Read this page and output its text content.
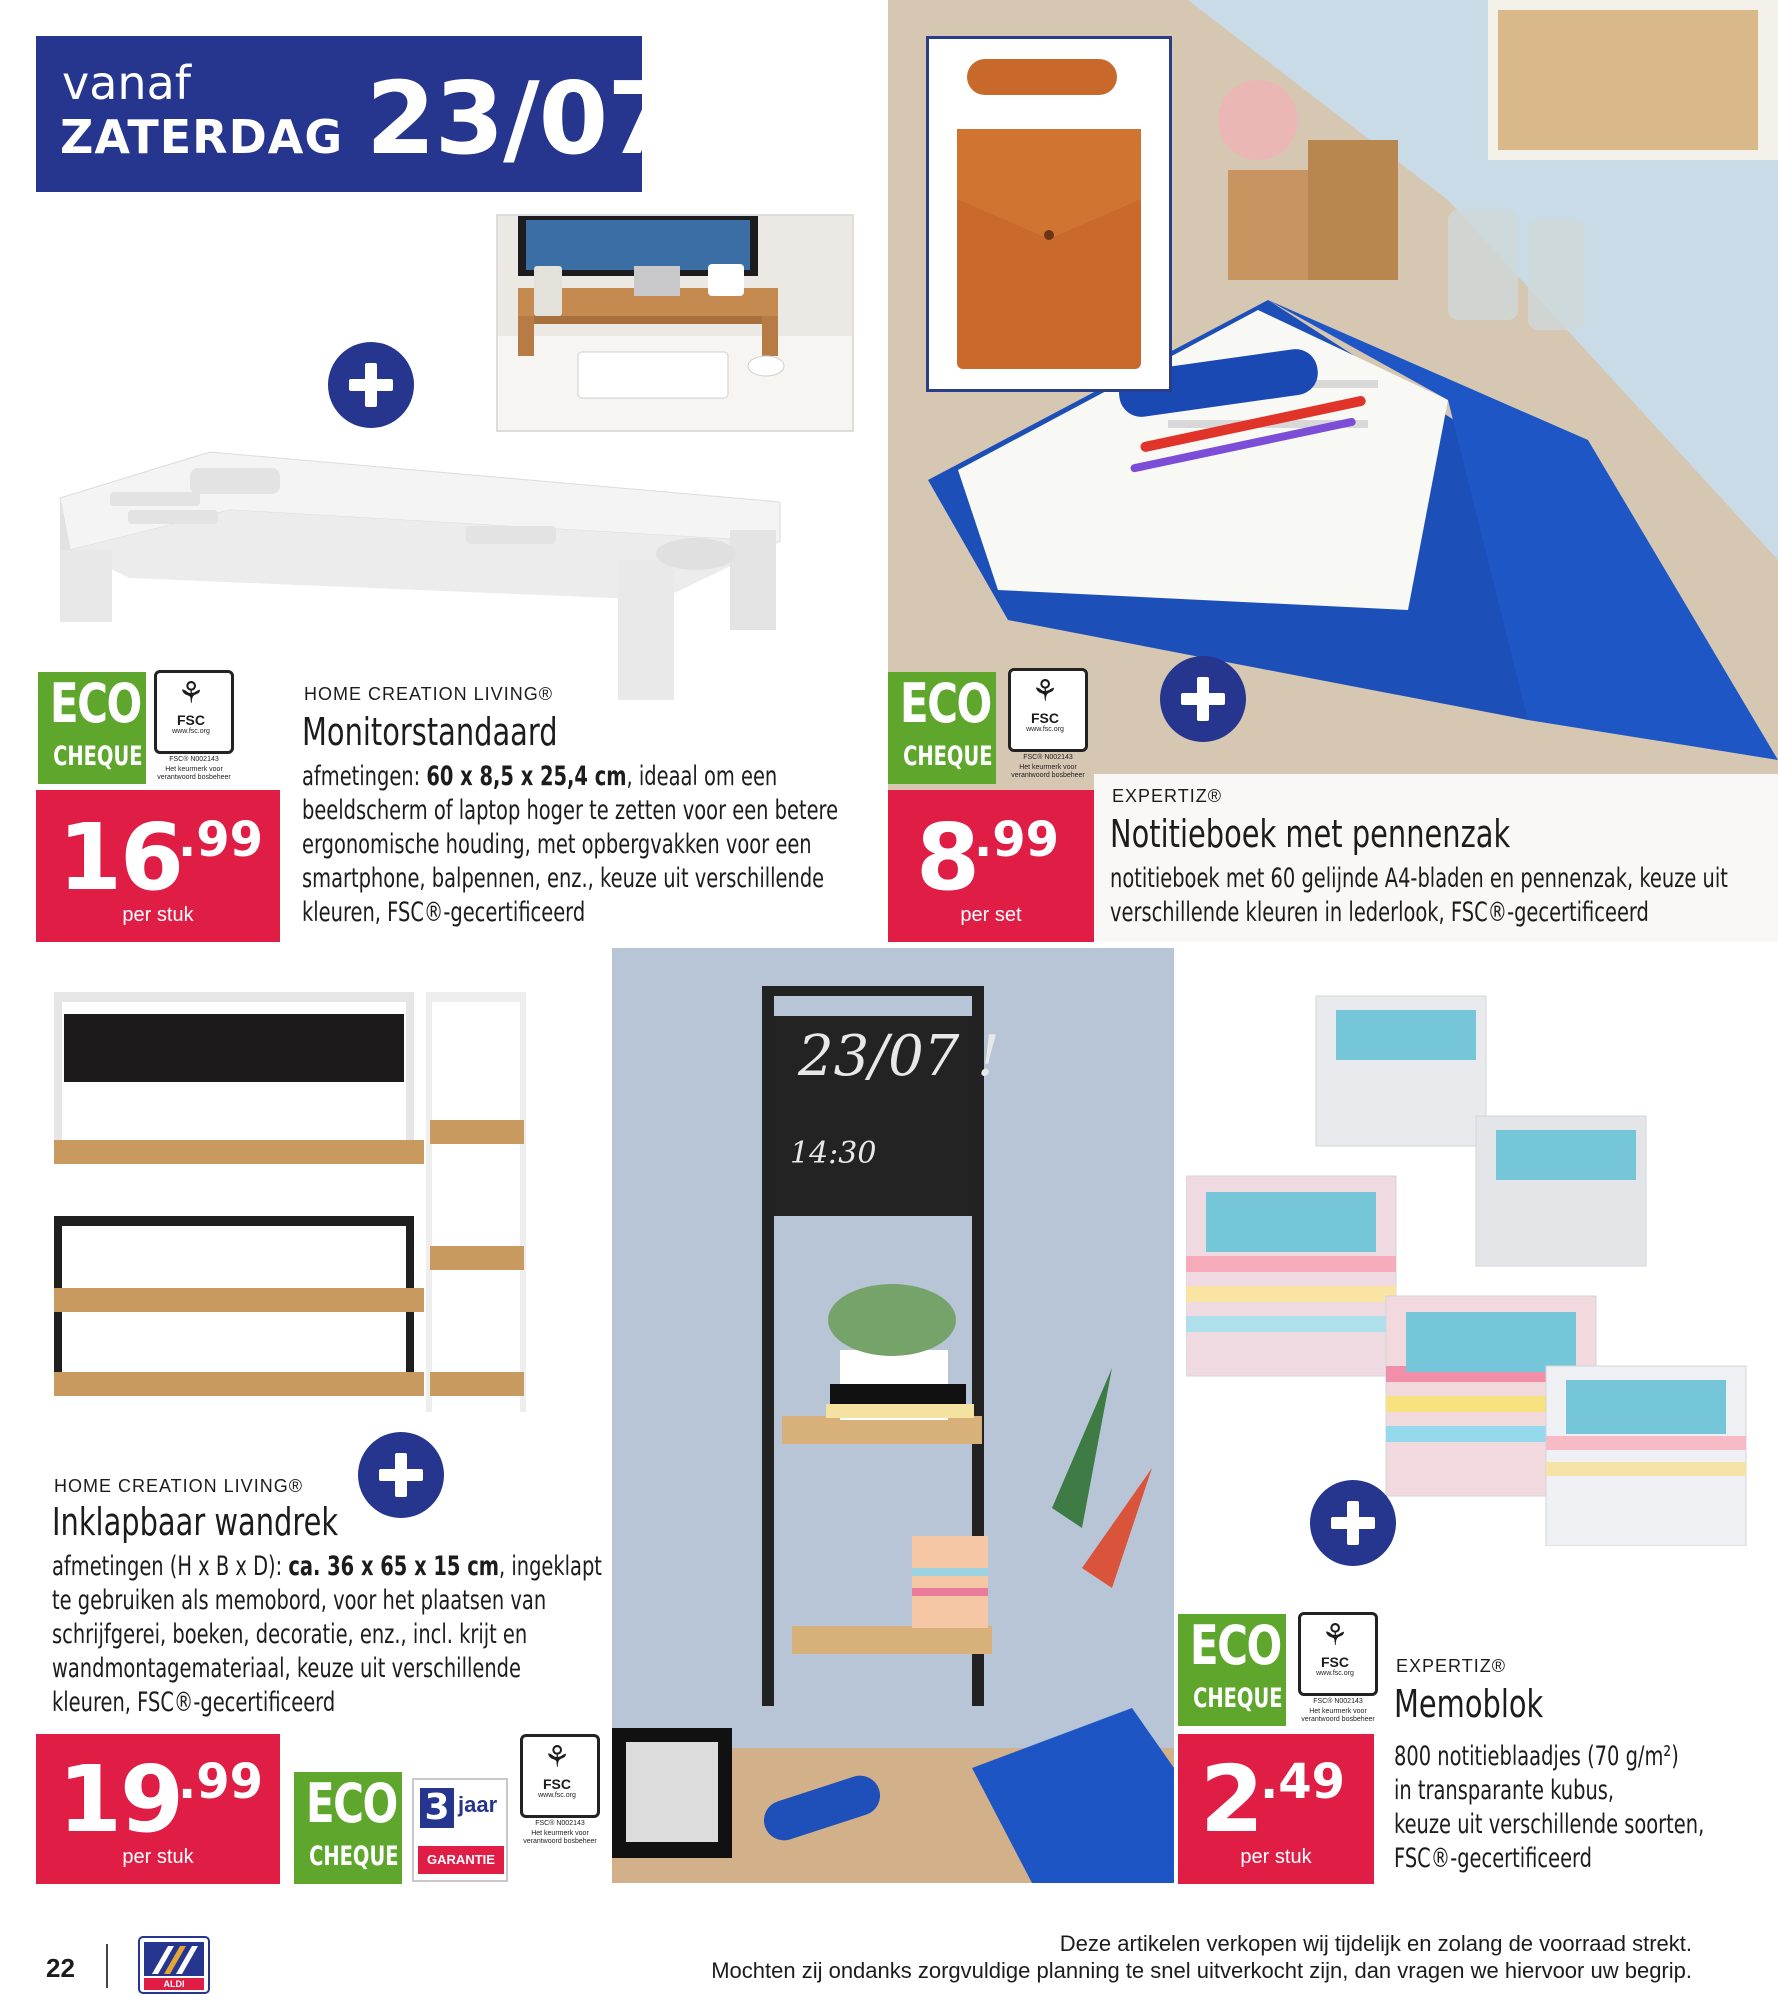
vanaf
ZATERDAG 23/07
ECO
CHEQUE
⚘
FSC
www.fsc.org
FSC® N002143
Het keurmerk voor verantwoord bosbeheer
16
.99
per stuk
HOME CREATION LIVING®
Monitorstandaard
afmetingen: 60 x 8,5 x 25,4 cm, ideaal om een
beeldscherm of laptop hoger te zetten voor een betere
ergonomische houding, met opbergvakken voor een
smartphone, balpennen, enz., keuze uit verschillende
kleuren, FSC®-gecertificeerd
ECO
CHEQUE
⚘
FSC
www.fsc.org
FSC® N002143
Het keurmerk voor verantwoord bosbeheer
8
.99
per set
EXPERTIZ®
Notitieboek met pennenzak
notitieboek met 60 gelijnde A4-bladen en pennenzak, keuze uit
verschillende kleuren in lederlook, FSC®-gecertificeerd
HOME CREATION LIVING®
Inklapbaar wandrek
afmetingen (H x B x D): ca. 36 x 65 x 15 cm, ingeklapt
te gebruiken als memobord, voor het plaatsen van
schrijfgerei, boeken, decoratie, enz., incl. krijt en
wandmontagemateriaal, keuze uit verschillende
kleuren, FSC®-gecertificeerd
19
.99
per stuk
ECO
CHEQUE
3 jaar
GARANTIE
⚘
FSC
www.fsc.org
FSC® N002143
Het keurmerk voor verantwoord bosbeheer
ECO
CHEQUE
⚘
FSC
www.fsc.org
FSC® N002143
Het keurmerk voor verantwoord bosbeheer
2
.49
per stuk
EXPERTIZ®
Memoblok
800 notitieblaadjes (70 g/m²)
in transparante kubus,
keuze uit verschillende soorten,
FSC®-gecertificeerd
22
ALDI
Deze artikelen verkopen wij tijdelijk en zolang de voorraad strekt.
Mochten zij ondanks zorgvuldige planning te snel uitverkocht zijn, dan vragen we hiervoor uw begrip.
23/07 !
14:30
